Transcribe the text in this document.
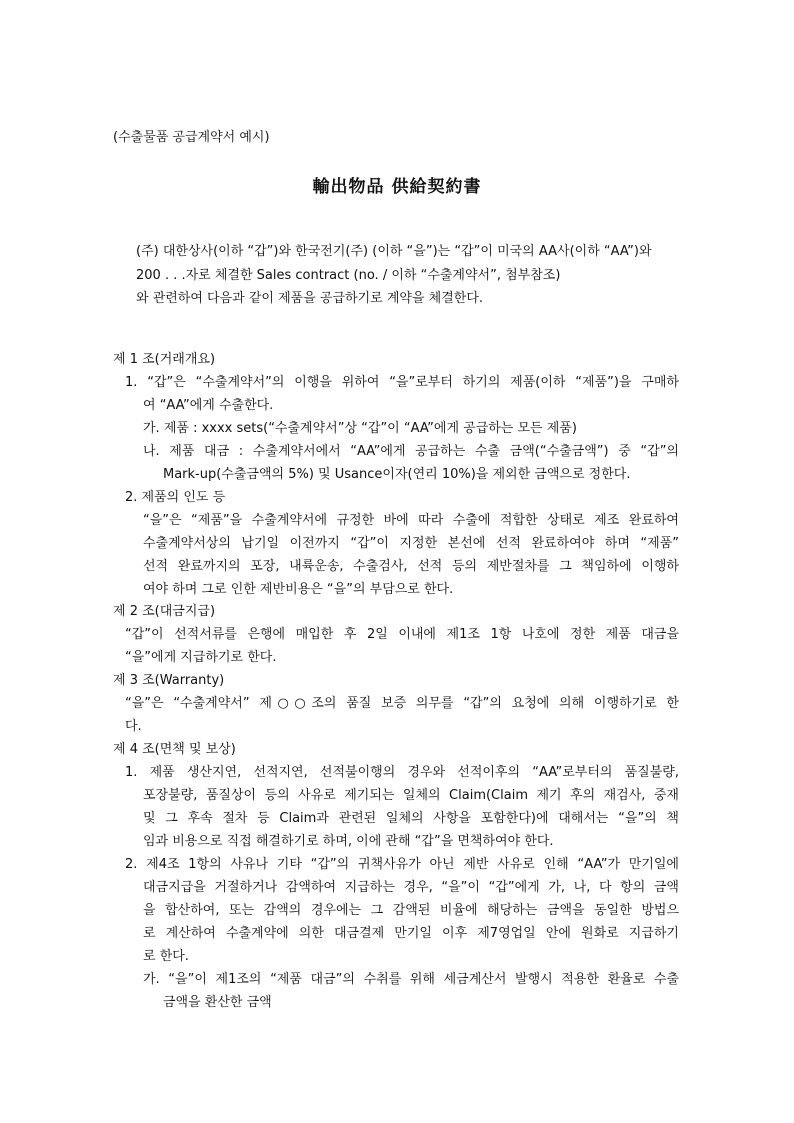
(수출물품 공급계약서 예시)
輸出物品 供給契約書
(주) 대한상사(이하 “갑”)와 한국전기(주) (이하 “을”)는 “갑”이 미국의 AA사(이하 “AA”)와
200 . . .자로 체결한 Sales contract (no. / 이하 “수출계약서”, 첨부참조)
와 관련하여 다음과 같이 제품을 공급하기로 계약을 체결한다.
제 1 조(거래개요)
1. “갑”은 “수출계약서”의 이행을 위하여 “을”로부터 하기의 제품(이하 “제품”)을 구매하
여 “AA”에게 수출한다.
가. 제품 : xxxx sets(“수출계약서”상 “갑”이 “AA”에게 공급하는 모든 제품)
나. 제품 대금 : 수출계약서에서 “AA”에게 공급하는 수출 금액(“수출금액”) 중 “갑”의
Mark-up(수출금액의 5%) 및 Usance이자(연리 10%)을 제외한 금액으로 정한다.
2. 제품의 인도 등
“을”은 “제품”을 수출계약서에 규정한 바에 따라 수출에 적합한 상태로 제조 완료하여
수출계약서상의 납기일 이전까지 “갑”이 지정한 본선에 선적 완료하여야 하며 “제품”
선적 완료까지의 포장, 내륙운송, 수출검사, 선적 등의 제반절차를 그 책임하에 이행하
여야 하며 그로 인한 제반비용은 “을”의 부담으로 한다.
제 2 조(대금지급)
“갑”이 선적서류를 은행에 매입한 후 2일 이내에 제1조 1항 나호에 정한 제품 대금을
“을”에게 지급하기로 한다.
제 3 조(Warranty)
“을”은 “수출계약서” 제○○조의 품질 보증 의무를 “갑”의 요청에 의해 이행하기로 한
다.
제 4 조(면책 및 보상)
1. 제품 생산지연, 선적지연, 선적불이행의 경우와 선적이후의 “AA”로부터의 품질불량,
포장불량, 품질상이 등의 사유로 제기되는 일체의 Claim(Claim 제기 후의 재검사, 중재
및 그 후속 절차 등 Claim과 관련된 일체의 사항을 포함한다)에 대해서는 “을”의 책
임과 비용으로 직접 해결하기로 하며, 이에 관해 “갑”을 면책하여야 한다.
2. 제4조 1항의 사유나 기타 “갑”의 귀책사유가 아닌 제반 사유로 인해 “AA”가 만기일에
대금지급을 거절하거나 감액하여 지급하는 경우, “을”이 “갑”에게 가, 나, 다 항의 금액
을 합산하여, 또는 감액의 경우에는 그 감액된 비율에 해당하는 금액을 동일한 방법으
로 계산하여 수출계약에 의한 대금결제 만기일 이후 제7영업일 안에 원화로 지급하기
로 한다.
가. “을”이 제1조의 “제품 대금”의 수취를 위해 세금계산서 발행시 적용한 환율로 수출
금액을 환산한 금액
